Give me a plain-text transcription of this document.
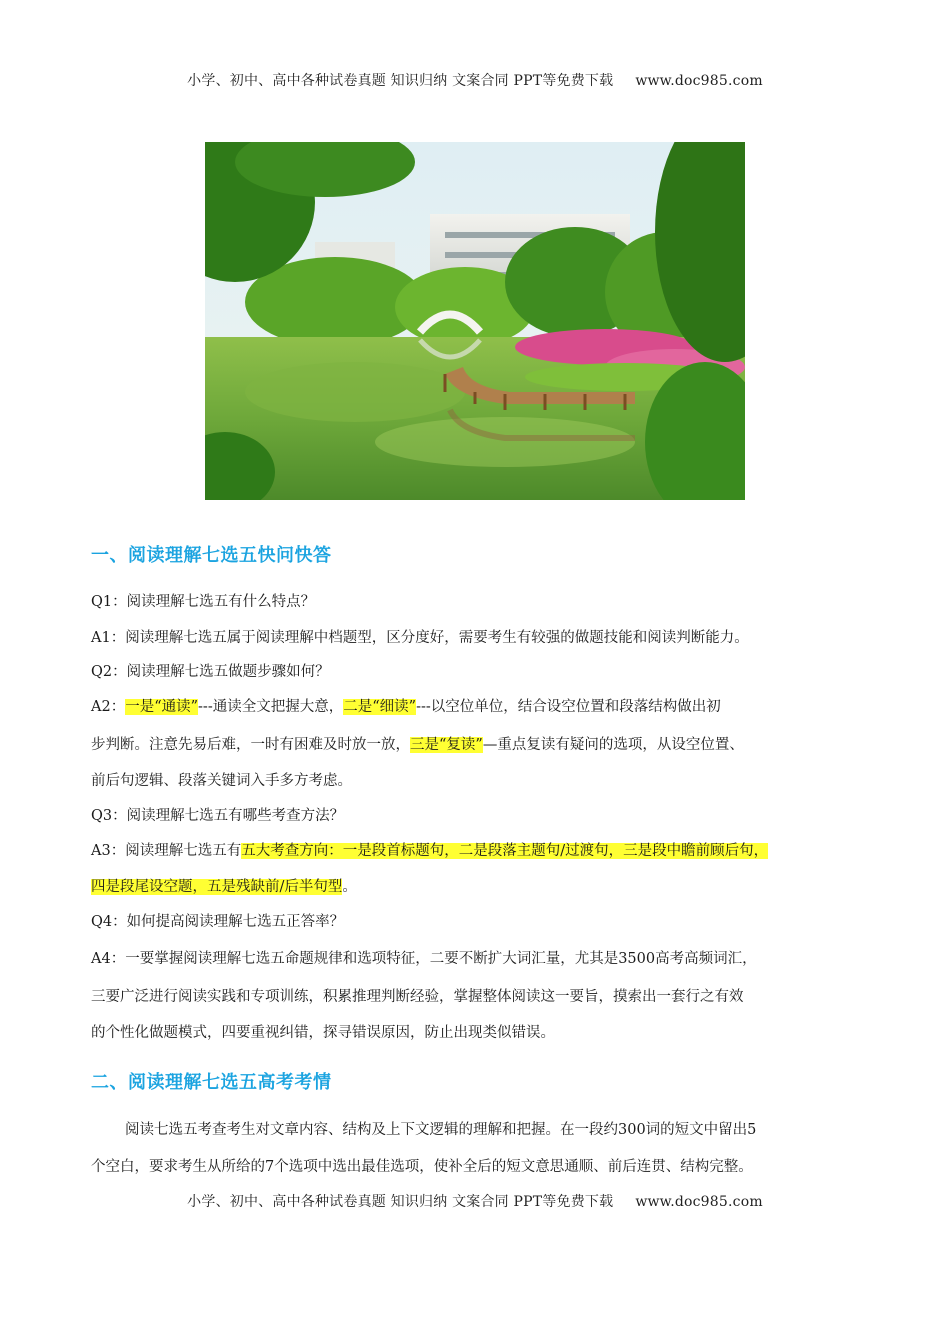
小学、初中、高中各种试卷真题 知识归纳 文案合同 PPT等免费下载 www.doc985.com
一、阅读理解七选五快问快答
Q1：阅读理解七选五有什么特点？
A1：阅读理解七选五属于阅读理解中档题型，区分度好，需要考生有较强的做题技能和阅读判断能力。
Q2：阅读理解七选五做题步骤如何？
A2：一是“通读”---通读全文把握大意，二是“细读”---以空位单位，结合设空位置和段落结构做出初
步判断。注意先易后难，一时有困难及时放一放，三是“复读”—重点复读有疑问的选项，从设空位置、
前后句逻辑、段落关键词入手多方考虑。
Q3：阅读理解七选五有哪些考查方法？
A3：阅读理解七选五有五大考查方向：一是段首标题句，二是段落主题句/过渡句，三是段中瞻前顾后句，
四是段尾设空题，五是残缺前/后半句型。
Q4：如何提高阅读理解七选五正答率？
A4：一要掌握阅读理解七选五命题规律和选项特征，二要不断扩大词汇量，尤其是3500高考高频词汇，
三要广泛进行阅读实践和专项训练，积累推理判断经验，掌握整体阅读这一要旨，摸索出一套行之有效
的个性化做题模式，四要重视纠错，探寻错误原因，防止出现类似错误。
二、阅读理解七选五高考考情
阅读七选五考查考生对文章内容、结构及上下文逻辑的理解和把握。在一段约300词的短文中留出5
个空白，要求考生从所给的7个选项中选出最佳选项，使补全后的短文意思通顺、前后连贯、结构完整。
小学、初中、高中各种试卷真题 知识归纳 文案合同 PPT等免费下载 www.doc985.com
